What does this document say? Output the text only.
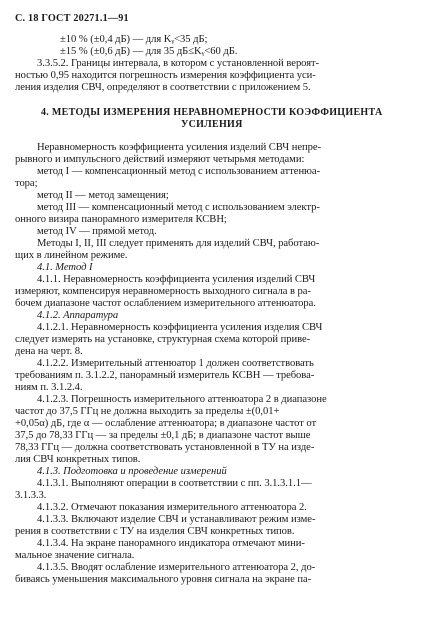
С. 18 ГОСТ 20271.1—91
±10 % (±0,4 дБ) — для Kᵧ<35 дБ;
±15 % (±0,6 дБ) — для 35 дБ≤Kᵧ<60 дБ.
3.3.5.2. Границы интервала, в котором с установленной вероят-
ностью 0,95 находится погрешность измерения коэффициента уси-
ления изделия СВЧ, определяют в соответствии с приложением 5.
4. МЕТОДЫ ИЗМЕРЕНИЯ НЕРАВНОМЕРНОСТИ КОЭФФИЦИЕНТА
УСИЛЕНИЯ
Неравномерность коэффициента усиления изделий СВЧ непре-
рывного и импульсного действий измеряют четырьмя методами:
метод I — компенсационный метод с использованием аттенюа-
тора;
метод II — метод замещения;
метод III — компенсационный метод с использованием электр-
онного визира панорамного измерителя КСВН;
метод IV — прямой метод.
Методы I, II, III следует применять для изделий СВЧ, работаю-
щих в линейном режиме.
4.1. Метод I
4.1.1. Неравномерность коэффициента усиления изделий СВЧ
измеряют, компенсируя неравномерность выходного сигнала в ра-
бочем диапазоне частот ослаблением измерительного аттенюатора.
4.1.2. Аппаратура
4.1.2.1. Неравномерность коэффициента усиления изделия СВЧ
следует измерять на установке, структурная схема которой приве-
дена на черт. 8.
4.1.2.2. Измерительный аттенюатор 1 должен соответствовать
требованиям п. 3.1.2.2, панорамный измеритель КСВН — требова-
ниям п. 3.1.2.4.
4.1.2.3. Погрешность измерительного аттенюатора 2 в диапазоне
частот до 37,5 ГГц не должна выходить за пределы ±(0,01+
+0,05α) дБ, где α — ослабление аттенюатора; в диапазоне частот от
37,5 до 78,33 ГГц — за пределы ±0,1 дБ; в диапазоне частот выше
78,33 ГГц — должна соответствовать установленной в ТУ на изде-
лия СВЧ конкретных типов.
4.1.3. Подготовка и проведение измерений
4.1.3.1. Выполняют операции в соответствии с пп. 3.1.3.1.1—
3.1.3.3.
4.1.3.2. Отмечают показания измерительного аттенюатора 2.
4.1.3.3. Включают изделие СВЧ и устанавливают режим изме-
рения в соответствии с ТУ на изделия СВЧ конкретных типов.
4.1.3.4. На экране панорамного индикатора отмечают мини-
мальное значение сигнала.
4.1.3.5. Вводят ослабление измерительного аттенюатора 2, до-
биваясь уменьшения максимального уровня сигнала на экране па-
